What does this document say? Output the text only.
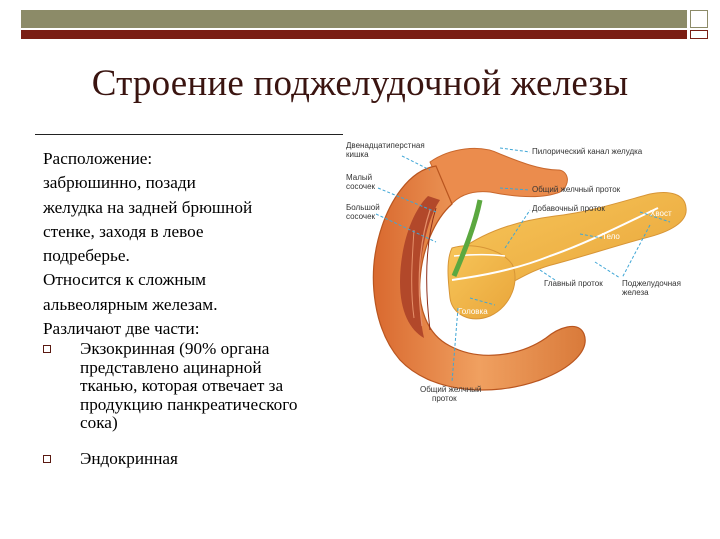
Строение поджелудочной железы

Расположение:

забрюшинно, позади

желудка на задней брюшной

стенке, заходя в левое

подреберье.

Относится к сложным

альвеолярным железам.

Различают две части:

Экзокринная (90% органа
представлено ацинарной
тканью, которая отвечает за
продукцию панкреатического
сока)
Эндокринная
Двенадцатиперстная
кишка	Пилорический канал желудка
Малый
сосочек	Общий желчный проток
Большой
сосочек
Добавочный проток
Хвост
Тело
Главный проток Поджелудочная
железа
Головка
Общий желчный
проток
